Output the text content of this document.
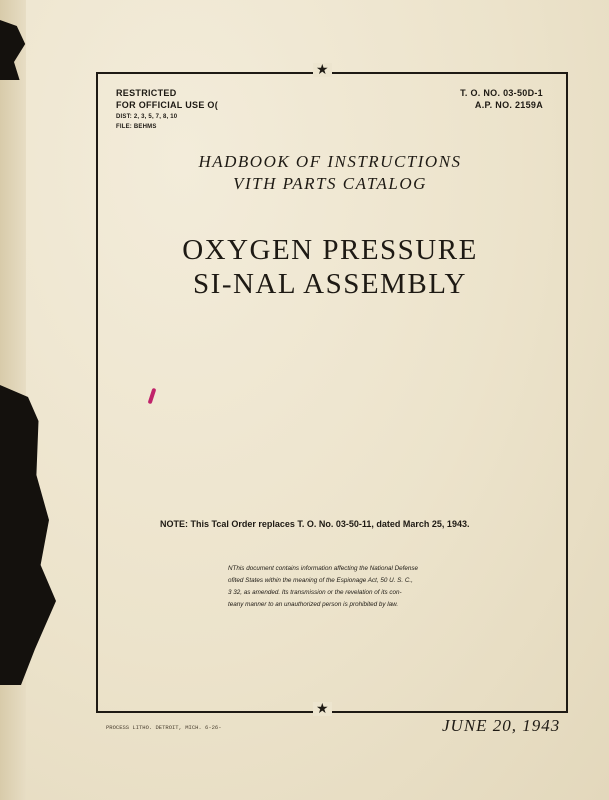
★
★
RESTRICTED
FOR OFFICIAL USE O(
DIST: 2, 3, 5, 7, 8, 10
FILE: BEHMS
T. O. NO. 03-50D-1
A.P. NO. 2159A
HADBOOK OF INSTRUCTIONS
VITH PARTS CATALOG
OXYGEN PRESSURE
SI-NAL ASSEMBLY
NOTE: This Tcal Order replaces T. O. No. 03-50-11, dated March 25, 1943.
NThis document contains information affecting the National Defense
ofited States within the meaning of the Espionage Act, 50 U. S. C.,
3 32, as amended. Its transmission or the revelation of its con-
teany manner to an unauthorized person is prohibited by law.
PROCESS LITHO. DETROIT, MICH. 6-26-	JUNE 20, 1943
